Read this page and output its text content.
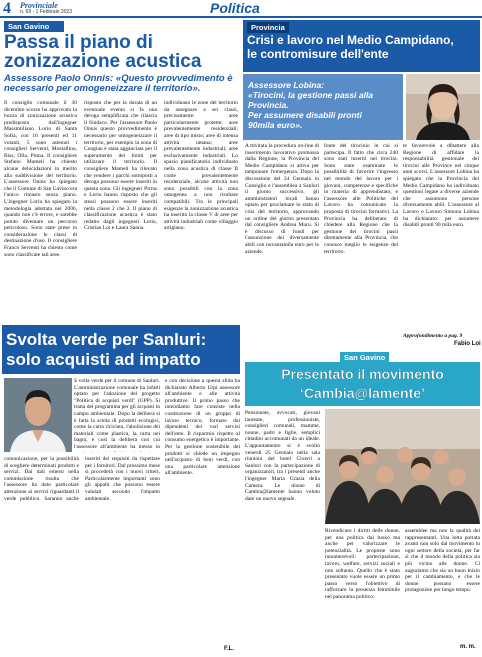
4 Provinciale
n. 69 - 1 Febbraio 2023	Politica
San Gavino
Passa il piano di
zonizzazione acustica
Assessore Paolo Onnis: «Questo provvedimento è necessario per omogeneizzare il territorio».

Il consiglio comunale il 30 dicembre scorso ha approvato la bozza di zonizzazione acustica predisposta dall'ingegner Massimiliano Loriu di Santa Sofia, con 16 presenti ed 11 votanti, 5 sono astenuti i consiglieri Serventi, Mostallino, Biss, Olla, Pinna. Il consigliere Stefano Mameli ha chiesto alcune delucidazioni in merito alla suddivisione del territorio. L'assessore Onnis ha spiegato che il Comune di San Gavino era l'unico rimasto senza piano. L'ingegner Loriu ha spiegato la metodologia adottata nel 2006, quando non c'è errore, e sarebbe potuto diventare un percorso pericoloso. Sono state prese in considerazione le classi di destinazione d'uso. Il consigliere Franco Serventi ha chiesto come sono classificate tali aree.

risposto che per la durata di un eventuale evento si fa una deroga semplificata che rilascia il Sindaco. Per l'assessore Paolo Onnis questo provvedimento è necessario per omogeneizzare il territorio, per esempio la zona di Congiau è stata agganciata per il superamento dei limiti per utilizzare il territorio. Il consigliere Mameli ha rilevato che vendere i parchi sottoposti a deroga possono essere inseriti in questa zona. Gli ingegneri Pirras e Loriu hanno risposto che gli stessi possono essere inseriti nella classe 2 che 3. Il piano di classificazione acustica è stato redatto dagli ingegneri Loriu, Cristian Loi e Laura Sanna.

individuano le zone del territorio da assegnare a sei classi, precisamente: aree particolarmente protette; aree prevalentemente residenziali; aree di tipo misto; aree di intensa attività umana; aree prevalentemente industriali; aree esclusivamente industriali. Lo spazio pianificatorio individuato nella zona acustica di classe II come prevalentemente residenziale, alcune attività non sono possibili con la zona omogenea a non risultare compatibili. Tra le principali esigenze la zonizzazione acustica ha inserito la classe V di aree per attività industriali come villaggio artigiano.

Provincia
Crisi e lavoro nel Medio Campidano,
le contromisure dell'ente
Assessore Lobina:
«Tirocini, la gestione passi alla
Provincia.
Per assumere disabili pronti
90mila euro».

A ttivitata la procedura on-line di inserimento lavorativo promossa dalla Regione, la Provincia del Medio Campidano si attiva per tamponare l'emergenza. Dopo la discussione del 24 Gennaio in Consiglio e l'assemblea a Sanluri il giorno successivo, gli amministratori locali hanno optato per proclamare lo stato di crisi del territorio, approvando un ordine del giorno presentato dal consigliere Andrea Muru. Si è discusso di fondi per l'assunzione dei diversamente abili con novantamila euro per le aziende.

fonte del tirocinio in cui si partecipa. Il fatto che circa 240 sono stati inseriti nei tirocini. Sono state esaminate le possibilità di favorire l'ingresso nel mondo del lavoro per i giovani, competenze e specifiche in materia di apprendistato, e l'assessore alle Politiche del Lavoro ha comunicato la proposta di tirocini formativi. La Provincia ha deliberato di chiedere alla Regione che la gestione dei tirocini passi direttamente alla Provincia, che conosce meglio le esigenze del territorio.

te favorevole a dibattere alla Regione di affidare la responsabilità gestionale dei tirocini alle Province nei cinque anni scorsi. L'assessore Lobina ha spiegato che la Provincia del Medio Campidano ha individuato questioni legate a diverse aziende che assumono persone diversamente abili. L'assessore al Lavoro e Lavoro Simona Lobina ha dichiarato: per assumere disabili pronti 90 mila euro.

Approfondimento a pag. 9
Fabio Loi
Svolta verde per Sanluri:
solo acquisti ad impatto

S volta verde per il comune di Sanluri. L'amministrazione comunale ha infatti optato per l'adozione del progetto "Politica di acquisti verdi" (GPP). Si tratta del programma per gli acquisti in campo ambientale. Dopo la delibera si è fatta la scelta di prodotti ecologici, come la carta riciclata, l'abolizione dei materiali come plastica, la carta nei bagni, e così la delibera con cui l'assessore all'ambiente ha messo in

comunicazione, per la possibilità di scegliere determinati prodotti e servizi. Dai dati emersi nella commissione risulta che l'assessore ha dato particolare attenzione ai servizi riguardanti il verde pubblico. Saranno anche inseriti dei requisiti da rispettare per i fornitori. Dal prossimo mese si procederà con i nuovi criteri. Particolarmente importanti sono gli appalti che possono essere valutati secondo l'impatto ambientale.

e con decisione a questa sfida ha dichiarato Alberto Urpi assessore all'ambiente e alle attività produttive. Il primo passo che intendiamo fare consiste nella costituzione di un gruppo di lavoro tecnico, formato dai dipendenti dei vari servizi dell'ente. Il risparmio rispetto al consumo energetico è importante. Per la gestione sostenibile dei prodotti si chiede un impegno nell'acquisto di beni verdi, con una particolare attenzione all'ambiente.

F.L.
San Gavino
Presentato il movimento
‘Cambia@lamente’

Pensionate, avvocati, giovani laureate, professioniste, consiglieri comunali, mamme, nonne, padri e figlie, semplici cittadini accomunati da un ideale. L'appuntamento si è svolto venerdì 25 Gennaio nella sala riunioni del hotel Cixerri a Sanluri con la partecipazione di organizzatori, tra i presenti anche l'ingegner Maria Grazia della Camera. Le donne di Cambia@lamente hanno voluto dare un nuovo segnale.

Rivendicare i diritti delle donne, per una politica dal basso ma anche per valorizzare le potenzialità. Le proposte sono innumerevoli: partecipazione, lavoro, welfare, servizi sociali e non soltanto. Quello che è stato presentato vuole essere un primo passo verso l'obiettivo di rafforzare la presenza femminile nel panorama politico.

assemblee ma non la qualità dei rappresentanti. Una lotta portata avanti non solo dal movimento in ogni settore della società, per far sì che il mondo della politica sia più vicino alle donne. Ci auguriamo che sia un buon inizio per il cambiamento, e che le donne possano essere protagoniste per lungo tempo.

m. m.
